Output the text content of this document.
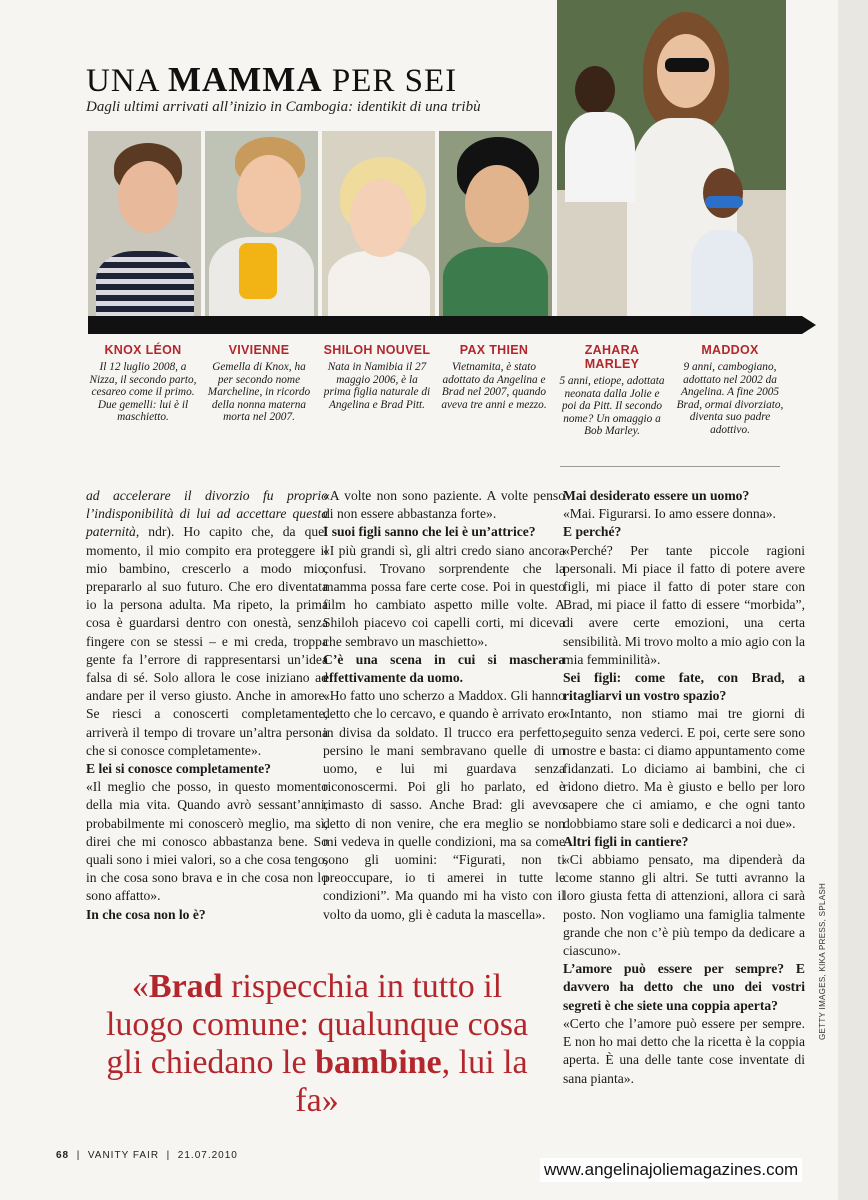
UNA MAMMA PER SEI
Dagli ultimi arrivati all’inizio in Cambogia: identikit di una tribù
KNOX LÉON
Il 12 luglio 2008, a Nizza, il secondo parto, cesareo come il primo. Due gemelli: lui è il maschietto.
VIVIENNE
Gemella di Knox, ha per secondo nome Marcheline, in ricordo della nonna materna morta nel 2007.
SHILOH NOUVEL
Nata in Namibia il 27 maggio 2006, è la prima figlia naturale di Angelina e Brad Pitt.
PAX THIEN
Vietnamita, è stato adottato da Angelina e Brad nel 2007, quando aveva tre anni e mezzo.
ZAHARA MARLEY
5 anni, etiope, adottata neonata dalla Jolie e poi da Pitt. Il secondo nome? Un omaggio a Bob Marley.
MADDOX
9 anni, cambogiano, adottato nel 2002 da Angelina. A fine 2005 Brad, ormai divorziato, diventa suo padre adottivo.

ad accelerare il divorzio fu proprio l’indisponibilità di lui ad accettare questa paternità, ndr). Ho capito che, da quel momento, il mio compito era proteggere il mio bambino, crescerlo a modo mio, prepararlo al suo futuro. Che ero diventata io la persona adulta. Ma ripeto, la prima cosa è guardarsi dentro con onestà, senza fingere con se stessi – e mi creda, troppa gente fa l’errore di rappresentarsi un’idea falsa di sé. Solo allora le cose iniziano ad andare per il verso giusto. Anche in amore. Se riesci a conoscerti completamente, arriverà il tempo di trovare un’altra persona che si conosce completamente».

E lei si conosce completamente?

«Il meglio che posso, in questo momento della mia vita. Quando avrò sessant’anni, probabilmente mi conoscerò meglio, ma sì, direi che mi conosco abbastanza bene. So quali sono i miei valori, so a che cosa tengo, in che cosa sono brava e in che cosa non lo sono affatto».

In che cosa non lo è?

«A volte non sono paziente. A volte penso di non essere abbastanza forte».

I suoi figli sanno che lei è un’attrice?

«I più grandi sì, gli altri credo siano ancora confusi. Trovano sorprendente che la mamma possa fare certe cose. Poi in questo film ho cambiato aspetto mille volte. A Shiloh piacevo coi capelli corti, mi diceva che sembravo un maschietto».

C’è una scena in cui si maschera effettivamente da uomo.

«Ho fatto uno scherzo a Maddox. Gli hanno detto che lo cercavo, e quando è arrivato ero in divisa da soldato. Il trucco era perfetto, persino le mani sembravano quelle di un uomo, e lui mi guardava senza riconoscermi. Poi gli ho parlato, ed è rimasto di sasso. Anche Brad: gli avevo detto di non venire, che era meglio se non mi vedeva in quelle condizioni, ma sa come sono gli uomini: “Figurati, non ti preoccupare, io ti amerei in tutte le condizioni”. Ma quando mi ha visto con il volto da uomo, gli è caduta la mascella».

Mai desiderato essere un uomo?

«Mai. Figurarsi. Io amo essere donna».

E perché?

«Perché? Per tante piccole ragioni personali. Mi piace il fatto di potere avere figli, mi piace il fatto di poter stare con Brad, mi piace il fatto di essere “morbida”, di avere certe emozioni, una certa sensibilità. Mi trovo molto a mio agio con la mia femminilità».

Sei figli: come fate, con Brad, a ritagliarvi un vostro spazio?

«Intanto, non stiamo mai tre giorni di seguito senza vederci. E poi, certe sere sono nostre e basta: ci diamo appuntamento come fidanzati. Lo diciamo ai bambini, che ci ridono dietro. Ma è giusto e bello per loro sapere che ci amiamo, e che ogni tanto dobbiamo stare soli e dedicarci a noi due».

Altri figli in cantiere?

«Ci abbiamo pensato, ma dipenderà da come stanno gli altri. Se tutti avranno la loro giusta fetta di attenzioni, allora ci sarà posto. Non vogliamo una famiglia talmente grande che non c’è più tempo da dedicare a ciascuno».

L’amore può essere per sempre? E davvero ha detto che uno dei vostri segreti è che siete una coppia aperta?

«Certo che l’amore può essere per sempre. E non ho mai detto che la ricetta è la coppia aperta. È una delle tante cose inventate di sana pianta».

«Brad rispecchia in tutto il luogo comune: qualunque cosa gli chiedano le bambine, lui la fa»
GETTY IMAGES, KIKA PRESS, SPLASH
68 | VANITY FAIR | 21.07.2010
www.angelinajoliemagazines.com
